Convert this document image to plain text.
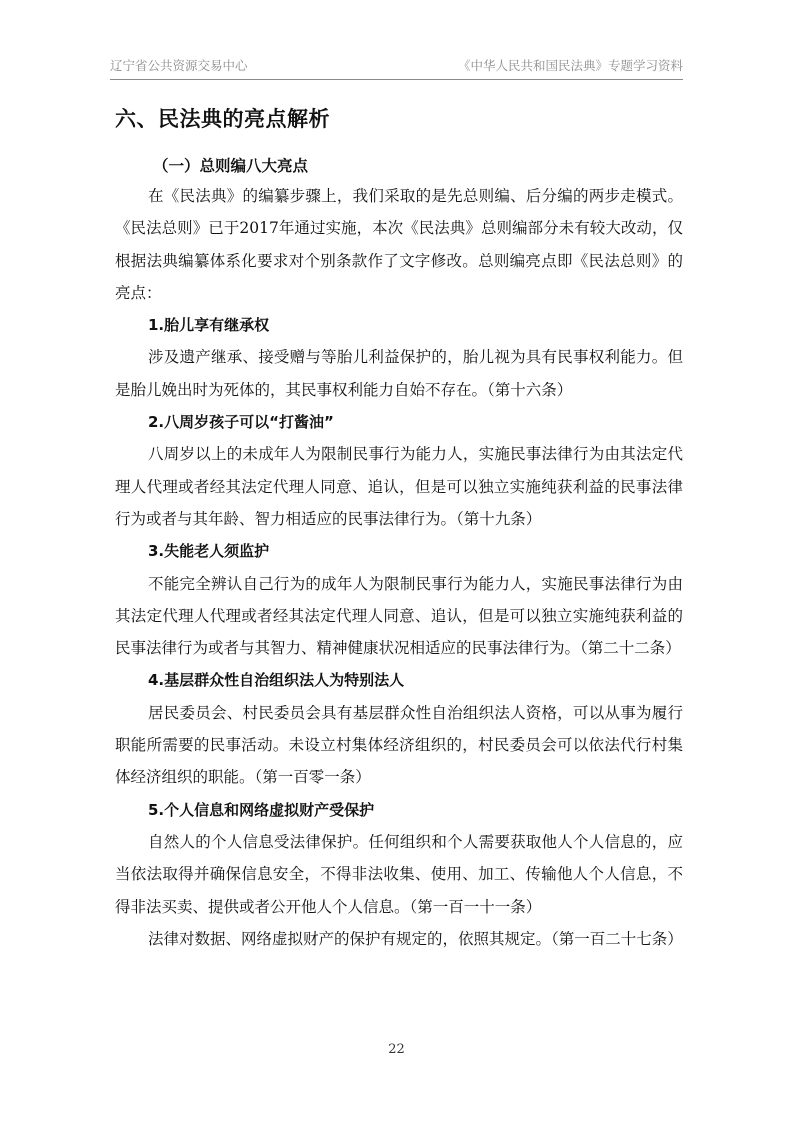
辽宁省公共资源交易中心	《中华人民共和国民法典》专题学习资料
六、民法典的亮点解析
（一）总则编八大亮点

在《民法典》的编纂步骤上，我们采取的是先总则编、后分编的两步走模式。《民法总则》已于2017年通过实施，本次《民法典》总则编部分未有较大改动，仅根据法典编纂体系化要求对个别条款作了文字修改。总则编亮点即《民法总则》的亮点：

1.胎儿享有继承权

涉及遗产继承、接受赠与等胎儿利益保护的，胎儿视为具有民事权利能力。但是胎儿娩出时为死体的，其民事权利能力自始不存在。（第十六条）

2.八周岁孩子可以“打酱油”

八周岁以上的未成年人为限制民事行为能力人，实施民事法律行为由其法定代理人代理或者经其法定代理人同意、追认，但是可以独立实施纯获利益的民事法律行为或者与其年龄、智力相适应的民事法律行为。（第十九条）

3.失能老人须监护

不能完全辨认自己行为的成年人为限制民事行为能力人，实施民事法律行为由其法定代理人代理或者经其法定代理人同意、追认，但是可以独立实施纯获利益的民事法律行为或者与其智力、精神健康状况相适应的民事法律行为。（第二十二条）

4.基层群众性自治组织法人为特别法人

居民委员会、村民委员会具有基层群众性自治组织法人资格，可以从事为履行职能所需要的民事活动。未设立村集体经济组织的，村民委员会可以依法代行村集体经济组织的职能。（第一百零一条）

5.个人信息和网络虚拟财产受保护

自然人的个人信息受法律保护。任何组织和个人需要获取他人个人信息的，应当依法取得并确保信息安全，不得非法收集、使用、加工、传输他人个人信息，不得非法买卖、提供或者公开他人个人信息。（第一百一十一条）

法律对数据、网络虚拟财产的保护有规定的，依照其规定。（第一百二十七条）

22
